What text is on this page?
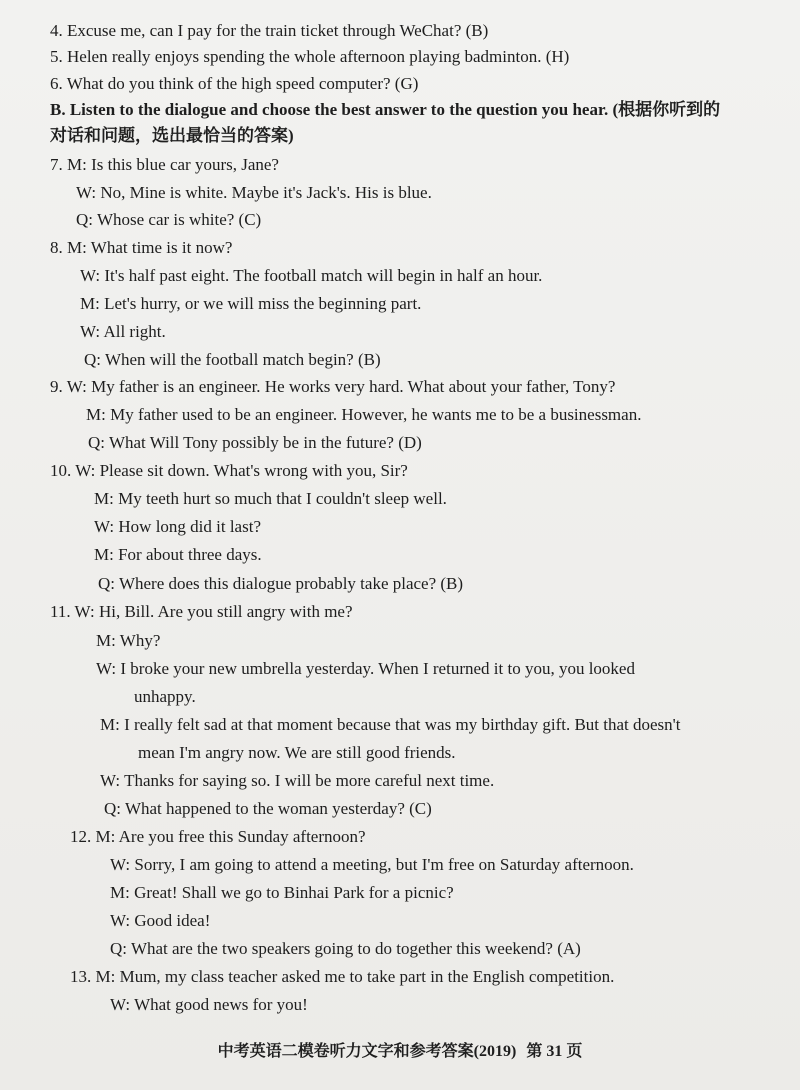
4. Excuse me, can I pay for the train ticket through WeChat? (B)
5. Helen really enjoys spending the whole afternoon playing badminton. (H)
6. What do you think of the high speed computer? (G)
B. Listen to the dialogue and choose the best answer to the question you hear. (根据你听到的
对话和问题，选出最恰当的答案)
7. M: Is this blue car yours, Jane?
W: No, Mine is white. Maybe it's Jack's. His is blue.
Q: Whose car is white? (C)
8. M: What time is it now?
W: It's half past eight. The football match will begin in half an hour.
M: Let's hurry, or we will miss the beginning part.
W: All right.
Q: When will the football match begin? (B)
9. W: My father is an engineer. He works very hard. What about your father, Tony?
M: My father used to be an engineer. However, he wants me to be a businessman.
Q: What Will Tony possibly be in the future? (D)
10. W: Please sit down. What's wrong with you, Sir?
M: My teeth hurt so much that I couldn't sleep well.
W: How long did it last?
M: For about three days.
Q: Where does this dialogue probably take place? (B)
11. W: Hi, Bill. Are you still angry with me?
M: Why?
W: I broke your new umbrella yesterday. When I returned it to you, you looked
unhappy.
M: I really felt sad at that moment because that was my birthday gift. But that doesn't
mean I'm angry now. We are still good friends.
W: Thanks for saying so. I will be more careful next time.
Q: What happened to the woman yesterday? (C)
12. M: Are you free this Sunday afternoon?
W: Sorry, I am going to attend a meeting, but I'm free on Saturday afternoon.
M: Great! Shall we go to Binhai Park for a picnic?
W: Good idea!
Q: What are the two speakers going to do together this weekend? (A)
13. M: Mum, my class teacher asked me to take part in the English competition.
W: What good news for you!
中考英语二模卷听力文字和参考答案(2019) 第 31 页
